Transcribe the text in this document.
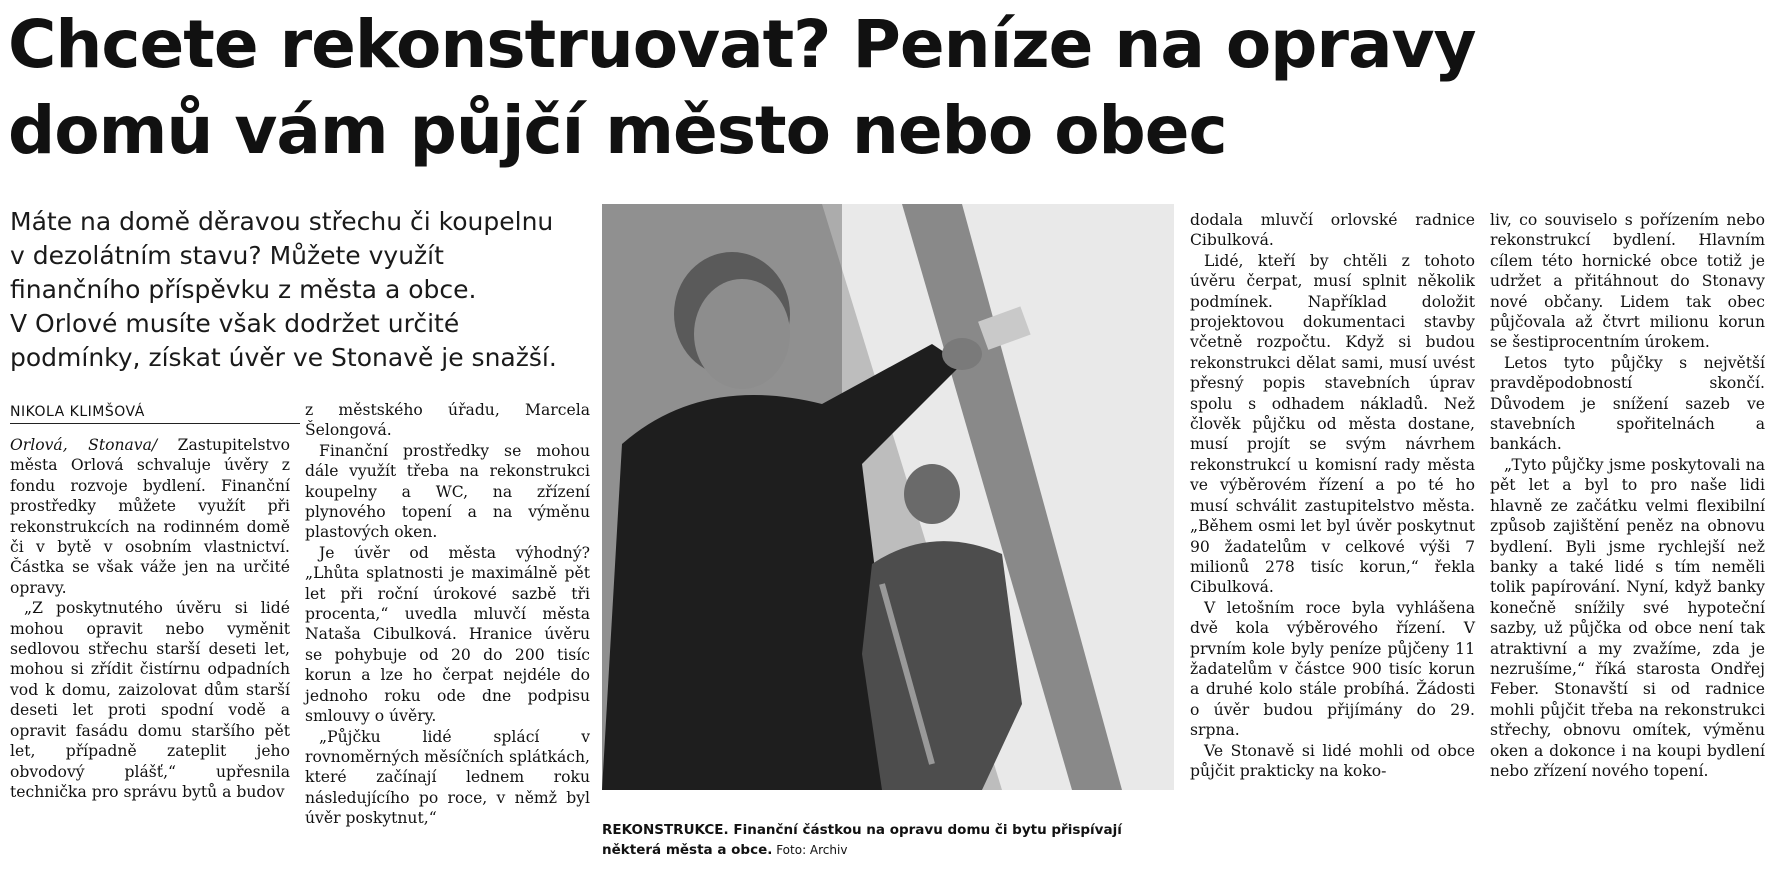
Chcete rekonstruovat? Peníze na opravy
domů vám půjčí město nebo obec

Máte na domě děravou střechu či koupelnu
v dezolátním stavu? Můžete využít
finančního příspěvku z města a obce.
V Orlové musíte však dodržet určité
podmínky, získat úvěr ve Stonavě je snažší.

NIKOLA KLIMŠOVÁ

Orlová, Stonava/ Zastupitelstvo města Orlová schvaluje úvěry z fondu rozvoje bydlení. Finanční prostředky můžete využít při rekonstrukcích na rodinném domě či v bytě v osobním vlastnictví. Částka se však váže jen na určité opravy.

„Z poskytnutého úvěru si lidé mohou opravit nebo vyměnit sedlovou střechu starší deseti let, mohou si zřídit čistírnu odpadních vod k domu, zaizolovat dům starší deseti let proti spodní vodě a opravit fasádu domu staršího pět let, případně zateplit jeho obvodový plášť,“ upřesnila technička pro správu bytů a budov

z městského úřadu, Marcela Šelongová.

Finanční prostředky se mohou dále využít třeba na rekonstrukci koupelny a WC, na zřízení plynového topení a na výměnu plastových oken.

Je úvěr od města výhodný? „Lhůta splatnosti je maximálně pět let při roční úrokové sazbě tři procenta,“ uvedla mluvčí města Nataša Cibulková. Hranice úvěru se pohybuje od 20 do 200 tisíc korun a lze ho čerpat nejdéle do jednoho roku ode dne podpisu smlouvy o úvěry.

„Půjčku lidé splácí v rovnoměrných měsíčních splátkách, které začínají lednem roku následujícího po roce, v němž byl úvěr poskytnut,“

REKONSTRUKCE. Finanční částkou na opravu domu či bytu přispívají některá města a obce. Foto: Archiv

dodala mluvčí orlovské radnice Cibulková.

Lidé, kteří by chtěli z tohoto úvěru čerpat, musí splnit několik podmínek. Například doložit projektovou dokumentaci stavby včetně rozpočtu. Když si budou rekonstrukci dělat sami, musí uvést přesný popis stavebních úprav spolu s odhadem nákladů. Než člověk půjčku od města dostane, musí projít se svým návrhem rekonstrukcí u komisní rady města ve výběrovém řízení a po té ho musí schválit zastupitelstvo města. „Během osmi let byl úvěr poskytnut 90 žadatelům v celkové výši 7 milionů 278 tisíc korun,“ řekla Cibulková.

V letošním roce byla vyhlášena dvě kola výběrového řízení. V prvním kole byly peníze půjčeny 11 žadatelům v částce 900 tisíc korun a druhé kolo stále probíhá. Žádosti o úvěr budou přijímány do 29. srpna.

Ve Stonavě si lidé mohli od obce půjčit prakticky na koko-

liv, co souviselo s pořízením nebo rekonstrukcí bydlení. Hlavním cílem této hornické obce totiž je udržet a přitáhnout do Stonavy nové občany. Lidem tak obec půjčovala až čtvrt milionu korun se šestiprocentním úrokem.

Letos tyto půjčky s největší pravděpodobností skončí. Důvodem je snížení sazeb ve stavebních spořitelnách a bankách.

„Tyto půjčky jsme poskytovali na pět let a byl to pro naše lidi hlavně ze začátku velmi flexibilní způsob zajištění peněz na obnovu bydlení. Byli jsme rychlejší než banky a také lidé s tím neměli tolik papírování. Nyní, když banky konečně snížily své hypoteční sazby, už půjčka od obce není tak atraktivní a my zvažíme, zda je nezrušíme,“ říká starosta Ondřej Feber. Stonavští si od radnice mohli půjčit třeba na rekonstrukci střechy, obnovu omítek, výměnu oken a dokonce i na koupi bydlení nebo zřízení nového topení.
